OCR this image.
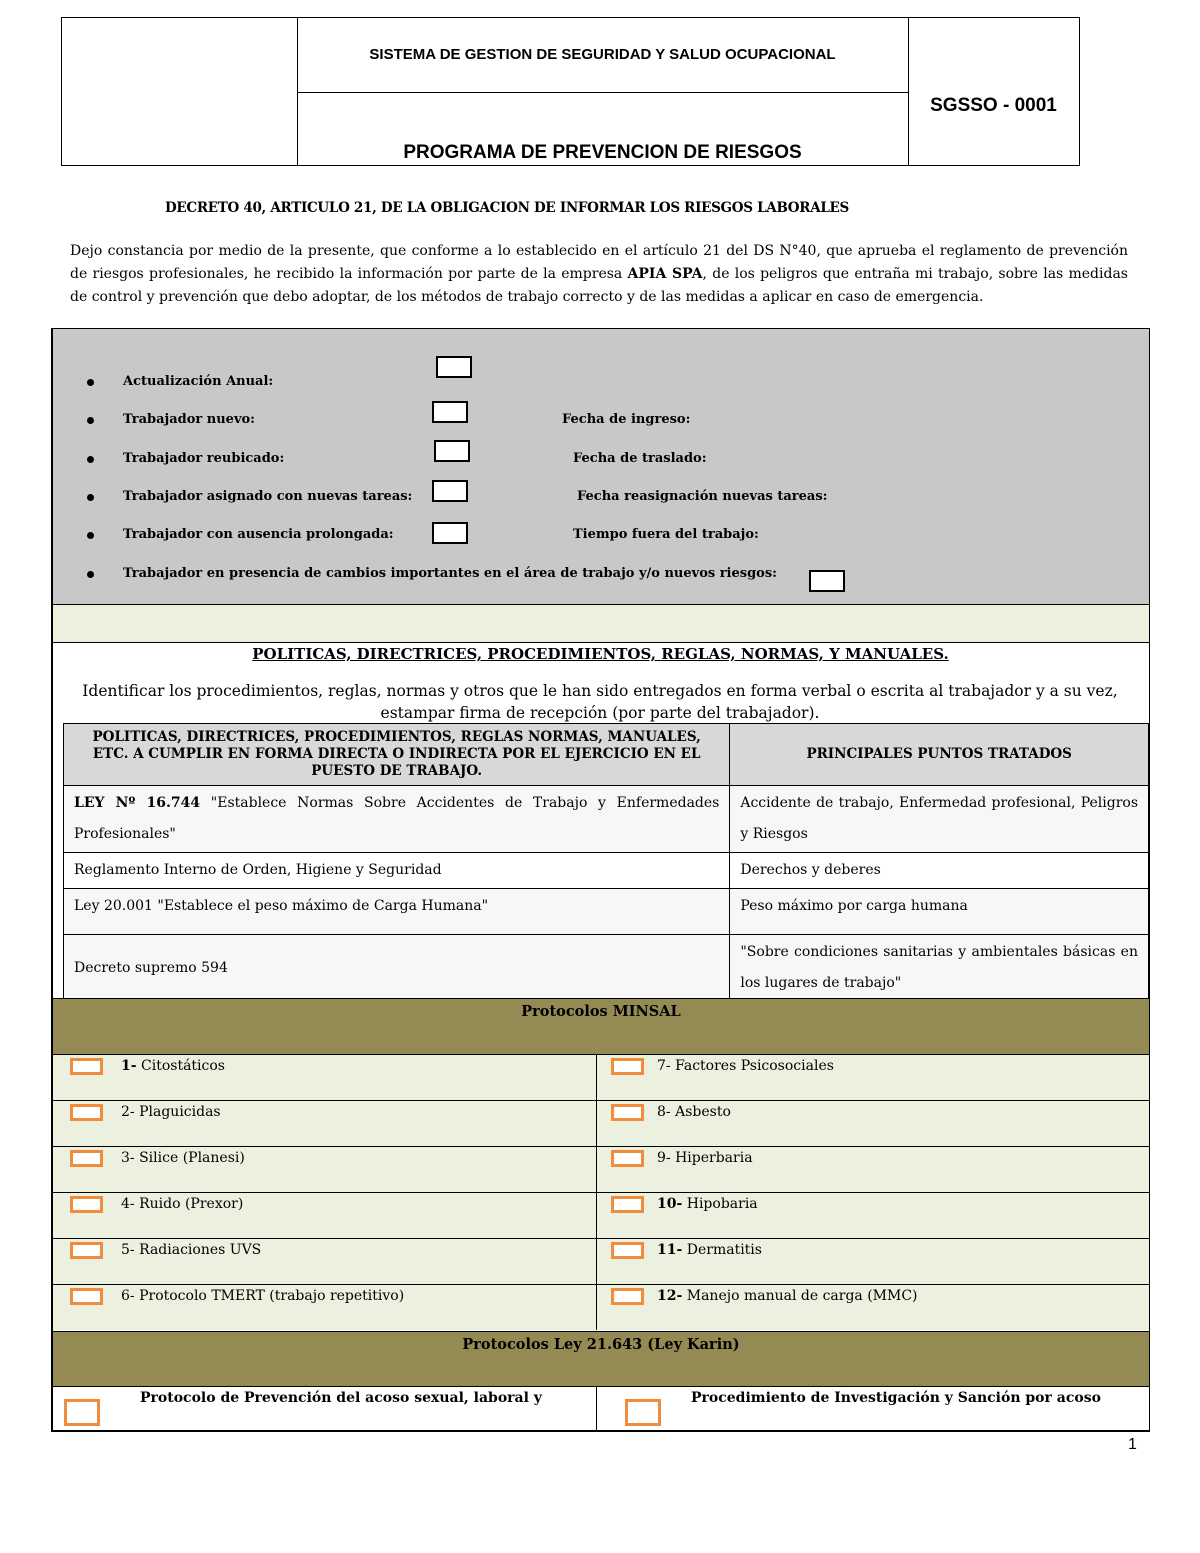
SISTEMA DE GESTION DE SEGURIDAD Y SALUD OCUPACIONAL
PROGRAMA DE PREVENCION DE RIESGOS
SGSSO - 0001
DECRETO 40, ARTICULO 21, DE LA OBLIGACION DE INFORMAR LOS RIESGOS LABORALES
Dejo constancia por medio de la presente, que conforme a lo establecido en el artículo 21 del DS N°40, que aprueba el reglamento de prevención de riesgos profesionales, he recibido la información por parte de la empresa APIA SPA, de los peligros que entraña mi trabajo, sobre las medidas de control y prevención que debo adoptar, de los métodos de trabajo correcto y de las medidas a aplicar en caso de emergencia.
Actualización Anual:
Trabajador nuevo:	Fecha de ingreso:
Trabajador reubicado:	Fecha de traslado:
Trabajador asignado con nuevas tareas:	Fecha reasignación nuevas tareas:
Trabajador con ausencia prolongada:	Tiempo fuera del trabajo:
Trabajador en presencia de cambios importantes en el área de trabajo y/o nuevos riesgos:
POLITICAS, DIRECTRICES, PROCEDIMIENTOS, REGLAS, NORMAS, Y MANUALES.
Identificar los procedimientos, reglas, normas y otros que le han sido entregados en forma verbal o escrita al trabajador y a su vez, estampar firma de recepción (por parte del trabajador).
POLITICAS, DIRECTRICES, PROCEDIMIENTOS, REGLAS NORMAS, MANUALES, ETC. A CUMPLIR EN FORMA DIRECTA O INDIRECTA POR EL EJERCICIO EN EL PUESTO DE TRABAJO.	PRINCIPALES PUNTOS TRATADOS
LEY Nº 16.744 "Establece Normas Sobre Accidentes de Trabajo y Enfermedades Profesionales"	Accidente de trabajo, Enfermedad profesional, Peligros y Riesgos
Reglamento Interno de Orden, Higiene y Seguridad	Derechos y deberes
Ley 20.001 "Establece el peso máximo de Carga Humana"	Peso máximo por carga humana
Decreto supremo 594	"Sobre condiciones sanitarias y ambientales básicas en los lugares de trabajo"
Protocolos MINSAL
1- Citostáticos	7- Factores Psicosociales
2- Plaguicidas	8- Asbesto
3- Silice (Planesi)	9- Hiperbaria
4- Ruido (Prexor)	10- Hipobaria
5- Radiaciones UVS	11- Dermatitis
6- Protocolo TMERT (trabajo repetitivo)	12- Manejo manual de carga (MMC)
Protocolos Ley 21.643 (Ley Karin)
Protocolo de Prevención del acoso sexual, laboral y	Procedimiento de Investigación y Sanción por acoso
1
